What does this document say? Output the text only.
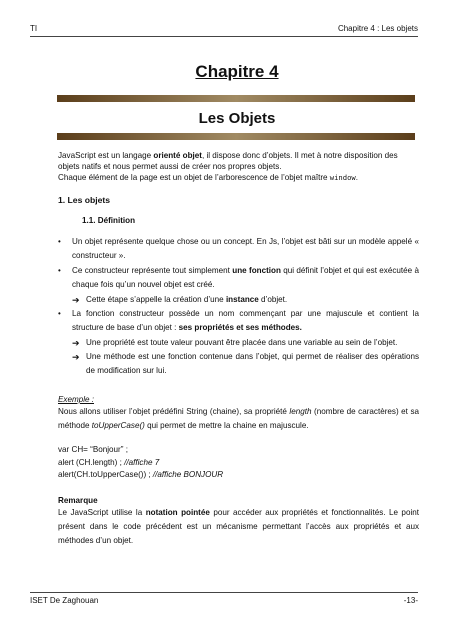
TI	Chapitre 4 : Les objets
Chapitre 4
Les Objets

JavaScript est un langage orienté objet, il dispose donc d’objets. Il met à notre disposition des objets natifs et nous permet aussi de créer nos propres objets.

Chaque élément de la page est un objet de l’arborescence de l’objet maître window.

1. Les objets

1.1. Définition

• Un objet représente quelque chose ou un concept. En Js, l’objet est bâti sur un modèle appelé « constructeur ».
• Ce constructeur représente tout simplement une fonction qui définit l’objet et qui est exécutée à chaque fois qu’un nouvel objet est créé.
➔ Cette étape s’appelle la création d’une instance d’objet.
• La fonction constructeur possède un nom commençant par une majuscule et contient la structure de base d’un objet : ses propriétés et ses méthodes.
➔ Une propriété est toute valeur pouvant être placée dans une variable au sein de l’objet.
➔ Une méthode est une fonction contenue dans l’objet, qui permet de réaliser des opérations de modification sur lui.

Exemple :

Nous allons utiliser l’objet prédéfini String (chaine), sa propriété length (nombre de caractères) et sa méthode toUpperCase() qui permet de mettre la chaine en majuscule.

var CH= “Bonjour” ;

alert (CH.length) ; //affiche 7

alert(CH.toUpperCase()) ; //affiche BONJOUR

Remarque

Le JavaScript utilise la notation pointée pour accéder aux propriétés et fonctionnalités. Le point présent dans le code précédent est un mécanisme permettant l’accès aux propriétés et aux méthodes d’un objet.

ISET De Zaghouan	-13-
